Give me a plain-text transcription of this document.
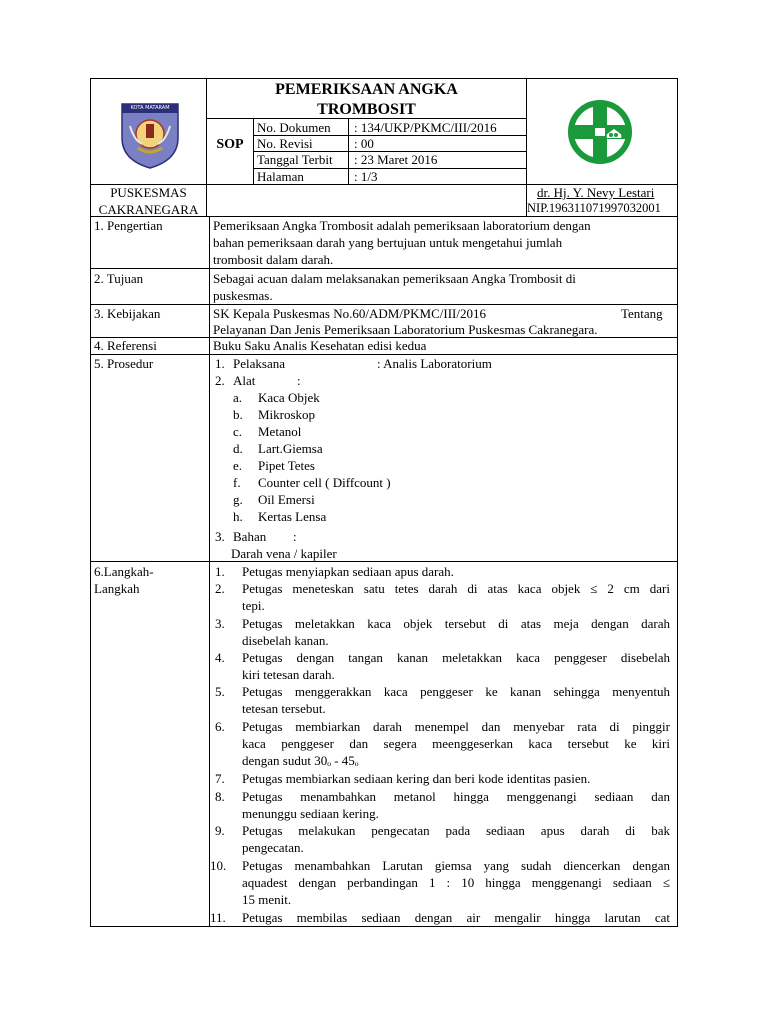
KOTA MATARAM
PEMERIKSAAN ANGKA
TROMBOSIT
SOP
No. Dokumen : 134/UKP/PKMC/III/2016
No. Revisi	: 00
Tanggal Terbit : 23 Maret 2016
Halaman	: 1/3
PUSKESMAS
CAKRANEGARA
dr. Hj. Y. Nevy Lestari
NIP.196311071997032001
1. Pengertian	Pemeriksaan Angka Trombosit adalah pemeriksaan laboratorium dengan
bahan pemeriksaan darah yang bertujuan untuk mengetahui jumlah
trombosit dalam darah.
2. Tujuan	Sebagai acuan dalam melaksanakan pemeriksaan Angka Trombosit di
puskesmas.
3. Kebijakan	SK Kepala Puskesmas No.60/ADM/PKMC/III/2016	Tentang
Pelayanan Dan Jenis Pemeriksaan Laboratorium Puskesmas Cakranegara.
4. Referensi	Buku Saku Analis Kesehatan edisi kedua
5. Prosedur	1. Pelaksana	: Analis Laboratorium
2. Alat	:
a. Kaca Objek
b. Mikroskop
c. Metanol
d. Lart.Giemsa
e. Pipet Tetes
f. Counter cell ( Diffcount )
g. Oil Emersi
h. Kertas Lensa
3. Bahan :
Darah vena / kapiler
6.Langkah-
Langkah
1. Petugas menyiapkan sediaan apus darah.
2. Petugas meneteskan satu tetes darah di atas kaca objek ≤ 2 cm dari
tepi.
3. Petugas meletakkan kaca objek tersebut di atas meja dengan darah
disebelah kanan.
4. Petugas dengan tangan kanan meletakkan kaca penggeser disebelah
kiri tetesan darah.
5. Petugas menggerakkan kaca penggeser ke kanan sehingga menyentuh
tetesan tersebut.
6. Petugas membiarkan darah menempel dan menyebar rata di pinggir
kaca penggeser dan segera meenggeserkan kaca tersebut ke kiri
dengan sudut 30ₒ - 45ₒ
7. Petugas membiarkan sediaan kering dan beri kode identitas pasien.
8. Petugas menambahkan metanol hingga menggenangi sediaan dan
menunggu sediaan kering.
9. Petugas melakukan pengecatan pada sediaan apus darah di bak
pengecatan.
10. Petugas menambahkan Larutan giemsa yang sudah diencerkan dengan
aquadest dengan perbandingan 1 : 10 hingga menggenangi sediaan ≤
15 menit.
11. Petugas membilas sediaan dengan air mengalir hingga larutan cat
